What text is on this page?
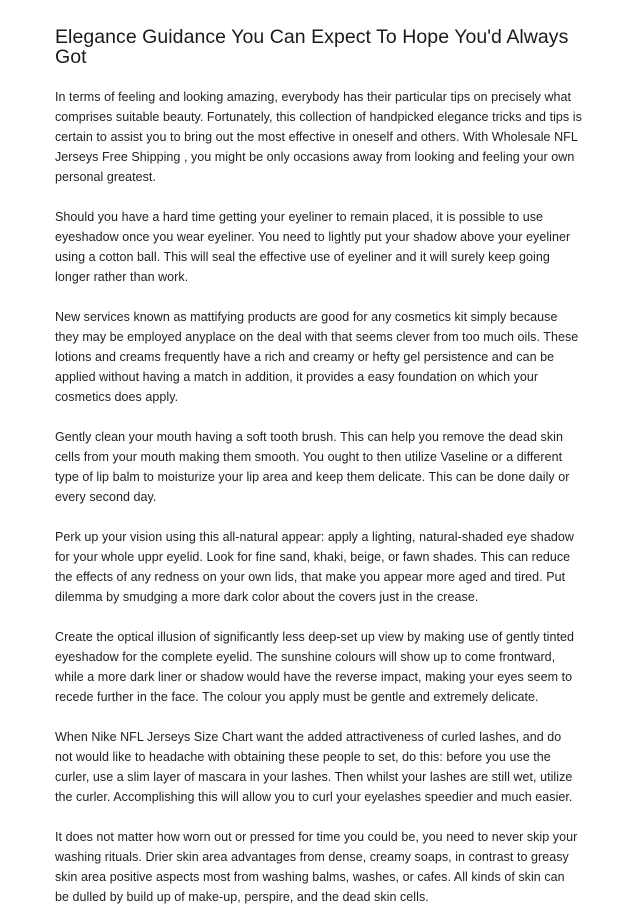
Elegance Guidance You Can Expect To Hope You'd Always Got

In terms of feeling and looking amazing, everybody has their particular tips on precisely what comprises suitable beauty. Fortunately, this collection of handpicked elegance tricks and tips is certain to assist you to bring out the most effective in oneself and others. With Wholesale NFL Jerseys Free Shipping , you might be only occasions away from looking and feeling your own personal greatest.

Should you have a hard time getting your eyeliner to remain placed, it is possible to use eyeshadow once you wear eyeliner. You need to lightly put your shadow above your eyeliner using a cotton ball. This will seal the effective use of eyeliner and it will surely keep going longer rather than work.

New services known as mattifying products are good for any cosmetics kit simply because they may be employed anyplace on the deal with that seems clever from too much oils. These lotions and creams frequently have a rich and creamy or hefty gel persistence and can be applied without having a match in addition, it provides a easy foundation on which your cosmetics does apply.

Gently clean your mouth having a soft tooth brush. This can help you remove the dead skin cells from your mouth making them smooth. You ought to then utilize Vaseline or a different type of lip balm to moisturize your lip area and keep them delicate. This can be done daily or every second day.

Perk up your vision using this all-natural appear: apply a lighting, natural-shaded eye shadow for your whole uppr eyelid. Look for fine sand, khaki, beige, or fawn shades. This can reduce the effects of any redness on your own lids, that make you appear more aged and tired. Put dilemma by smudging a more dark color about the covers just in the crease.

Create the optical illusion of significantly less deep-set up view by making use of gently tinted eyeshadow for the complete eyelid. The sunshine colours will show up to come frontward, while a more dark liner or shadow would have the reverse impact, making your eyes seem to recede further in the face. The colour you apply must be gentle and extremely delicate.

When Nike NFL Jerseys Size Chart want the added attractiveness of curled lashes, and do not would like to headache with obtaining these people to set, do this: before you use the curler, use a slim layer of mascara in your lashes. Then whilst your lashes are still wet, utilize the curler. Accomplishing this will allow you to curl your eyelashes speedier and much easier.

It does not matter how worn out or pressed for time you could be, you need to never skip your washing rituals. Drier skin area advantages from dense, creamy soaps, in contrast to greasy skin area positive aspects most from washing balms, washes, or cafes. All kinds of skin can be dulled by build up of make-up, perspire, and the dead skin cells.
